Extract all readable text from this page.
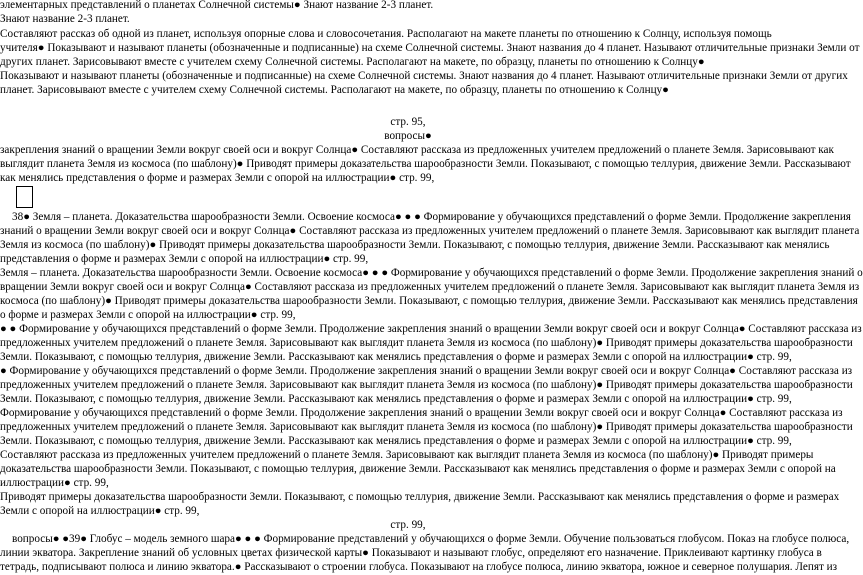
элементарных представлений о планетах Солнечной системы● Знают название 2-3 планет.
Знают название 2-3 планет.
Составляют рассказ об одной из планет, используя опорные слова и словосочетания. Располагают на макете планеты по отношению к Солнцу, используя помощь
учителя● Показывают и называют планеты (обозначенные и подписанные) на схеме Солнечной системы. Знают названия до 4 планет. Называют отличительные признаки Земли от
других планет. Зарисовывают вместе с учителем схему Солнечной системы. Располагают на макете, по образцу, планеты по отношению к Солнцу●
Показывают и называют планеты (обозначенные и подписанные) на схеме Солнечной системы. Знают названия до 4 планет. Называют отличительные признаки Земли от других
планет. Зарисовывают вместе с учителем схему Солнечной системы. Располагают на макете, по образцу, планеты по отношению к Солнцу●
стр. 95,
вопросы●
закрепления знаний о вращении Земли вокруг своей оси и вокруг Солнца● Составляют рассказа из предложенных учителем предложений о планете Земля. Зарисовывают как
выглядит планета Земля из космоса (по шаблону)● Приводят примеры доказательства шарообразности Земли. Показывают, с помощью теллурия, движение Земли. Рассказывают
как менялись представления о форме и размерах Земли с опорой на иллюстрации● стр. 99,
38● Земля – планета. Доказательства шарообразности Земли. Освоение космоса● ● ● Формирование у обучающихся представлений о форме Земли. Продолжение закрепления
знаний о вращении Земли вокруг своей оси и вокруг Солнца● Составляют рассказа из предложенных учителем предложений о планете Земля. Зарисовывают как выглядит планета
Земля из космоса (по шаблону)● Приводят примеры доказательства шарообразности Земли. Показывают, с помощью теллурия, движение Земли. Рассказывают как менялись
представления о форме и размерах Земли с опорой на иллюстрации● стр. 99,
Земля – планета. Доказательства шарообразности Земли. Освоение космоса● ● ● Формирование у обучающихся представлений о форме Земли. Продолжение закрепления знаний о
вращении Земли вокруг своей оси и вокруг Солнца● Составляют рассказа из предложенных учителем предложений о планете Земля. Зарисовывают как выглядит планета Земля из
космоса (по шаблону)● Приводят примеры доказательства шарообразности Земли. Показывают, с помощью теллурия, движение Земли. Рассказывают как менялись представления
о форме и размерах Земли с опорой на иллюстрации● стр. 99,
● ● Формирование у обучающихся представлений о форме Земли. Продолжение закрепления знаний о вращении Земли вокруг своей оси и вокруг Солнца● Составляют рассказа из
предложенных учителем предложений о планете Земля. Зарисовывают как выглядит планета Земля из космоса (по шаблону)● Приводят примеры доказательства шарообразности
Земли. Показывают, с помощью теллурия, движение Земли. Рассказывают как менялись представления о форме и размерах Земли с опорой на иллюстрации● стр. 99,
● Формирование у обучающихся представлений о форме Земли. Продолжение закрепления знаний о вращении Земли вокруг своей оси и вокруг Солнца● Составляют рассказа из
предложенных учителем предложений о планете Земля. Зарисовывают как выглядит планета Земля из космоса (по шаблону)● Приводят примеры доказательства шарообразности
Земли. Показывают, с помощью теллурия, движение Земли. Рассказывают как менялись представления о форме и размерах Земли с опорой на иллюстрации● стр. 99,
Формирование у обучающихся представлений о форме Земли. Продолжение закрепления знаний о вращении Земли вокруг своей оси и вокруг Солнца● Составляют рассказа из
предложенных учителем предложений о планете Земля. Зарисовывают как выглядит планета Земля из космоса (по шаблону)● Приводят примеры доказательства шарообразности
Земли. Показывают, с помощью теллурия, движение Земли. Рассказывают как менялись представления о форме и размерах Земли с опорой на иллюстрации● стр. 99,
Составляют рассказа из предложенных учителем предложений о планете Земля. Зарисовывают как выглядит планета Земля из космоса (по шаблону)● Приводят примеры
доказательства шарообразности Земли. Показывают, с помощью теллурия, движение Земли. Рассказывают как менялись представления о форме и размерах Земли с опорой на
иллюстрации● стр. 99,
Приводят примеры доказательства шарообразности Земли. Показывают, с помощью теллурия, движение Земли. Рассказывают как менялись представления о форме и размерах
Земли с опорой на иллюстрации● стр. 99,
стр. 99,
вопросы● ●39● Глобус – модель земного шара● ● ● Формирование представлений у обучающихся о форме Земли. Обучение пользоваться глобусом. Показ на глобусе полюса,
линии экватора. Закрепление знаний об условных цветах физической карты● Показывают и называют глобус, определяют его назначение. Приклеивают картинку глобуса в
тетрадь, подписывают полюса и линию экватора.● Рассказывают о строении глобуса. Показывают на глобусе полюса, линию экватора, южное и северное полушария. Лепят из
